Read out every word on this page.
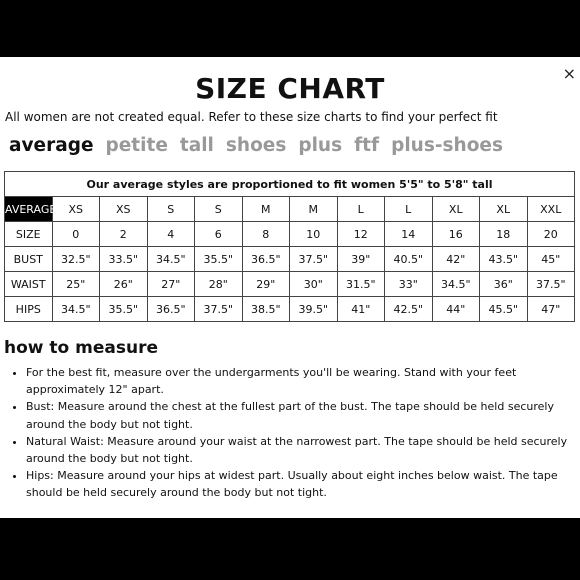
×
SIZE CHART
All women are not created equal. Refer to these size charts to find your perfect fit
average petite tall shoes plus ftf plus-shoes
Our average styles are proportioned to fit women 5'5" to 5'8" tall											
AVERAGE	XS	XS	S	S	M	M	L	L	XL	XL	XXL
SIZE	0	2	4	6	8	10	12	14	16	18	20
BUST	32.5"	33.5"	34.5"	35.5"	36.5"	37.5"	39"	40.5"	42"	43.5"	45"
WAIST	25"	26"	27"	28"	29"	30"	31.5"	33"	34.5"	36"	37.5"
HIPS	34.5"	35.5"	36.5"	37.5"	38.5"	39.5"	41"	42.5"	44"	45.5"	47"
how to measure
• For the best fit, measure over the undergarments you'll be wearing. Stand with your feet approximately 12" apart.
• Bust: Measure around the chest at the fullest part of the bust. The tape should be held securely around the body but not tight.
• Natural Waist: Measure around your waist at the narrowest part. The tape should be held securely around the body but not tight.
• Hips: Measure around your hips at widest part. Usually about eight inches below waist. The tape should be held securely around the body but not tight.
